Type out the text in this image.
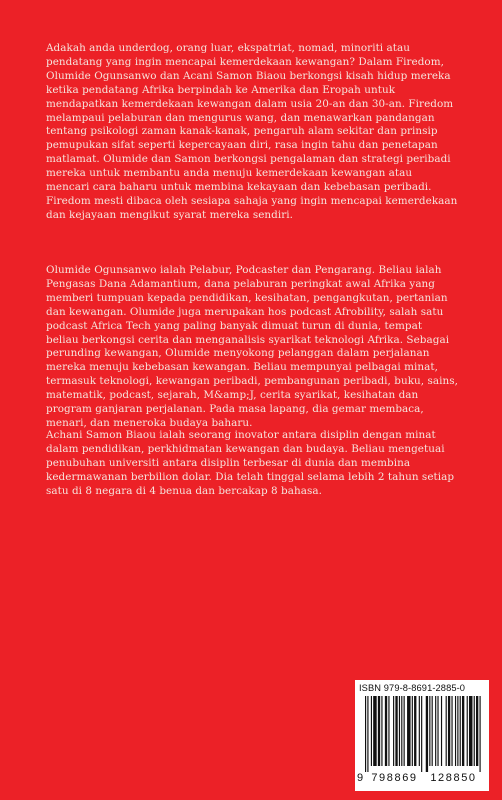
Adakah anda underdog, orang luar, ekspatriat, nomad, minoriti atau pendatang yang ingin mencapai kemerdekaan kewangan? Dalam Firedom, Olumide Ogunsanwo dan Acani Samon Biaou berkongsi kisah hidup mereka ketika pendatang Afrika berpindah ke Amerika dan Eropah untuk mendapatkan kemerdekaan kewangan dalam usia 20-an dan 30-an. Firedom melampaui pelaburan dan mengurus wang, dan menawarkan pandangan tentang psikologi zaman kanak-kanak, pengaruh alam sekitar dan prinsip pemupukan sifat seperti kepercayaan diri, rasa ingin tahu dan penetapan matlamat. Olumide dan Samon berkongsi pengalaman dan strategi peribadi mereka untuk membantu anda menuju kemerdekaan kewangan atau mencari cara baharu untuk membina kekayaan dan kebebasan peribadi. Firedom mesti dibaca oleh sesiapa sahaja yang ingin mencapai kemerdekaan dan kejayaan mengikut syarat mereka sendiri.

Olumide Ogunsanwo ialah Pelabur, Podcaster dan Pengarang. Beliau ialah Pengasas Dana Adamantium, dana pelaburan peringkat awal Afrika yang memberi tumpuan kepada pendidikan, kesihatan, pengangkutan, pertanian dan kewangan. Olumide juga merupakan hos podcast Afrobility, salah satu podcast Africa Tech yang paling banyak dimuat turun di dunia, tempat beliau berkongsi cerita dan menganalisis syarikat teknologi Afrika. Sebagai perunding kewangan, Olumide menyokong pelanggan dalam perjalanan mereka menuju kebebasan kewangan. Beliau mempunyai pelbagai minat, termasuk teknologi, kewangan peribadi, pembangunan peribadi, buku, sains, matematik, podcast, sejarah, M&amp;J, cerita syarikat, kesihatan dan program ganjaran perjalanan. Pada masa lapang, dia gemar membaca, menari, dan meneroka budaya baharu.

Achani Samon Biaou ialah seorang inovator antara disiplin dengan minat dalam pendidikan, perkhidmatan kewangan dan budaya. Beliau mengetuai penubuhan universiti antara disiplin terbesar di dunia dan membina kedermawanan berbilion dolar. Dia telah tinggal selama lebih 2 tahun setiap satu di 8 negara di 4 benua dan bercakap 8 bahasa.

ISBN 979-8-8691-2885-0
9 798869	128850
